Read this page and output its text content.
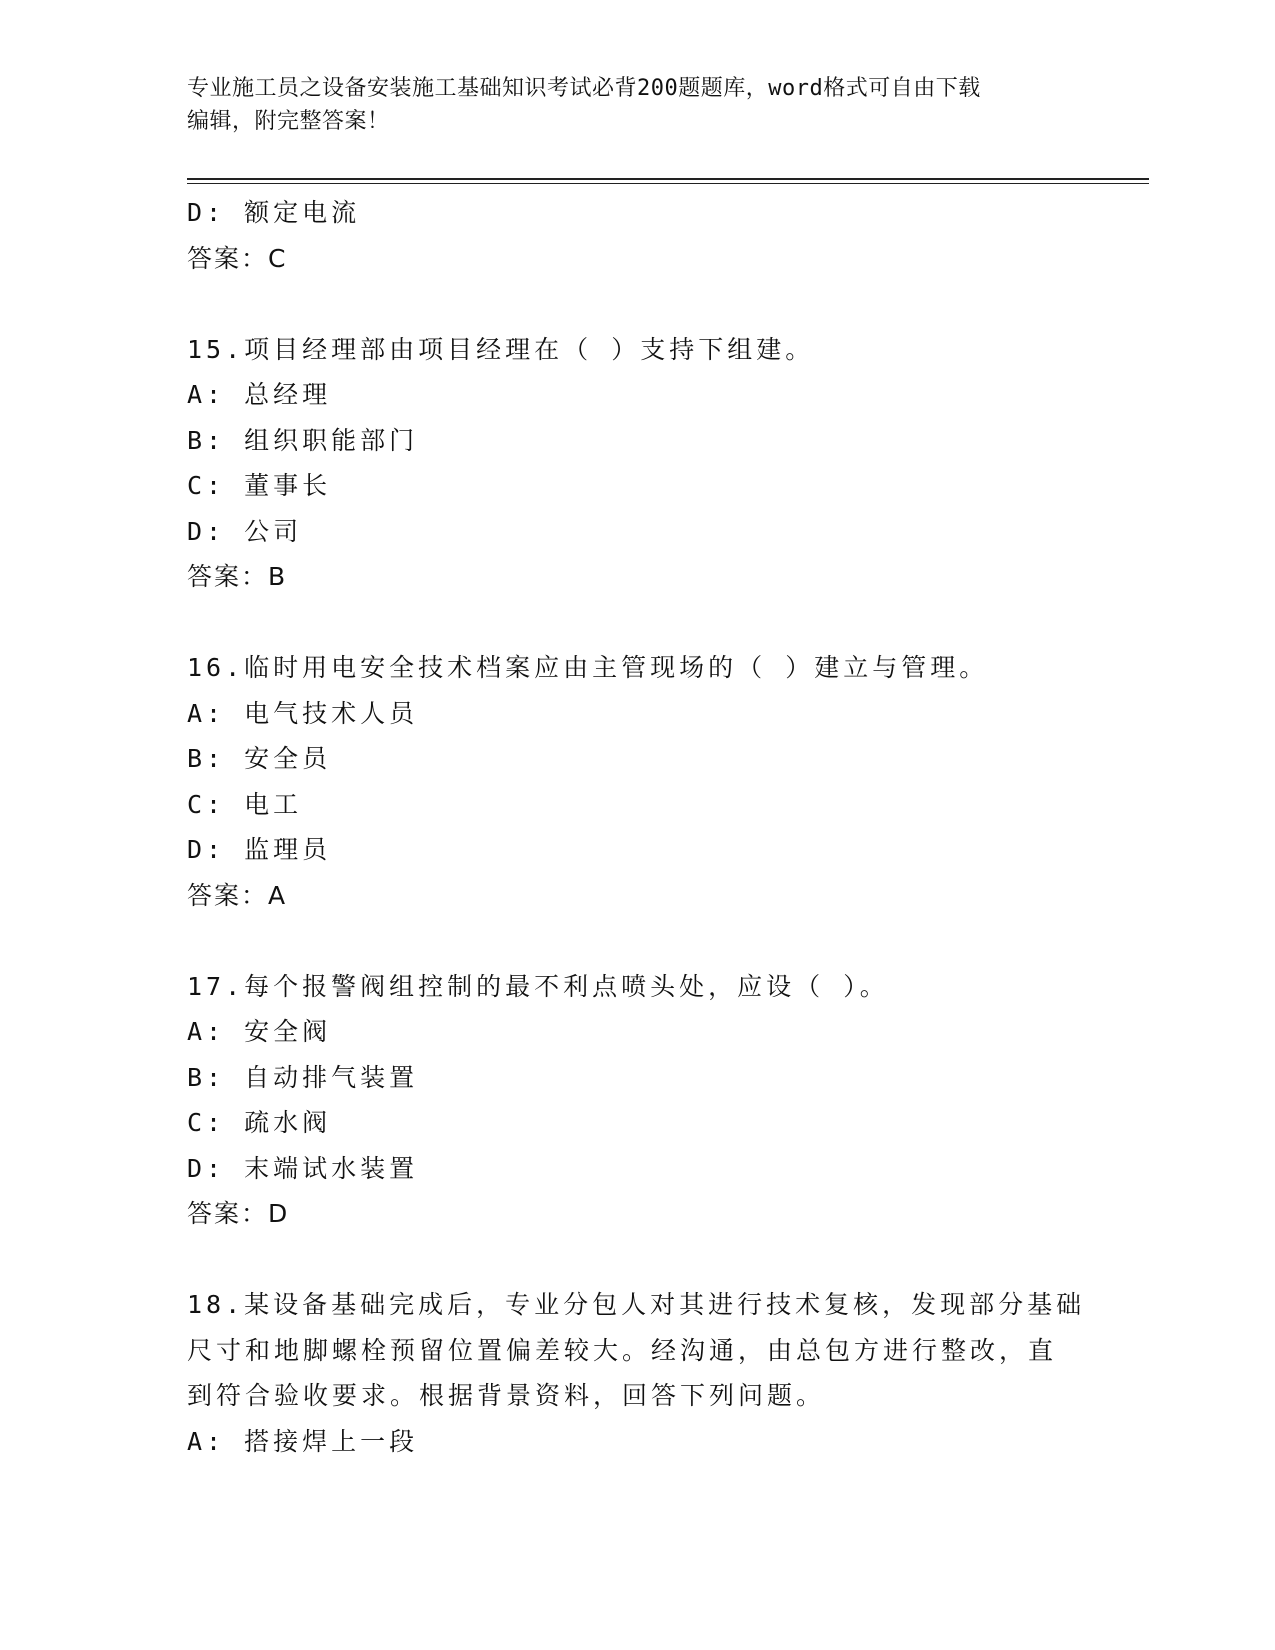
专业施工员之设备安装施工基础知识考试必背200题题库，word格式可自由下载
编辑，附完整答案！
D: 额定电流
答案：C
15.项目经理部由项目经理在（ ）支持下组建。
A: 总经理
B: 组织职能部门
C: 董事长
D: 公司
答案：B
16.临时用电安全技术档案应由主管现场的（ ）建立与管理。
A: 电气技术人员
B: 安全员
C: 电工
D: 监理员
答案：A
17.每个报警阀组控制的最不利点喷头处，应设（ ）。
A: 安全阀
B: 自动排气装置
C: 疏水阀
D: 末端试水装置
答案：D
18.某设备基础完成后，专业分包人对其进行技术复核，发现部分基础
尺寸和地脚螺栓预留位置偏差较大。经沟通，由总包方进行整改，直
到符合验收要求。根据背景资料，回答下列问题。
A: 搭接焊上一段
